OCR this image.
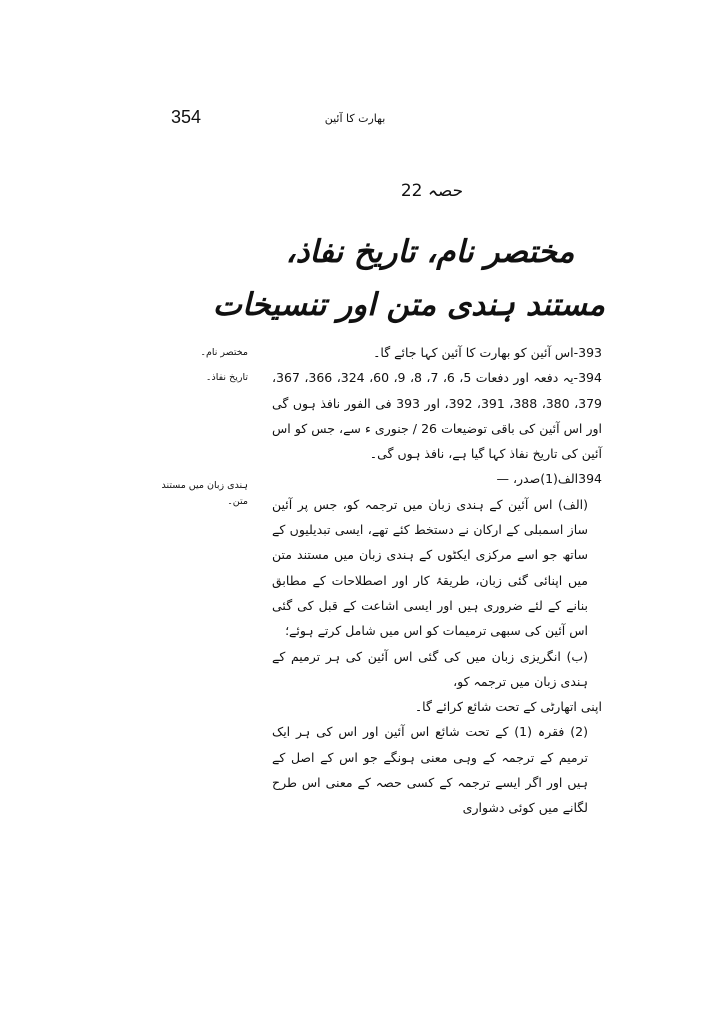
354	بھارت کا آئین
حصہ 22
مختصر نام، تاریخ نفاذ،
مستند ہندی متن اور تنسیخات
مختصر نام۔
تاریخ نفاذ۔
ہندی زبان میں مستند متن۔

393-اس آئین کو بھارت کا آئین کہا جائے گا۔

394-یہ دفعہ اور دفعات 5، 6، 7، 8، 9، 60، 324، 366، 367، 379، 380، 388، 391، 392، اور 393 فی الفور نافذ ہوں گی اور اس آئین کی باقی توضیعات 26 / جنوری ء سے، جس کو اس آئین کی تاریخ نفاذ کہا گیا ہے، نافذ ہوں گی۔

394الف(1)صدر، —

(الف) اس آئین کے ہندی زبان میں ترجمہ کو، جس پر آئین ساز اسمبلی کے ارکان نے دستخط کئے تھے، ایسی تبدیلیوں کے ساتھ جو اسے مرکزی ایکٹوں کے ہندی زبان میں مستند متن میں اپنائی گئی زبان، طریقۂ کار اور اصطلاحات کے مطابق بنانے کے لئے ضروری ہیں اور ایسی اشاعت کے قبل کی گئی اس آئین کی سبھی ترمیمات کو اس میں شامل کرتے ہوئے؛

(ب) انگریزی زبان میں کی گئی اس آئین کی ہر ترمیم کے ہندی زبان میں ترجمہ کو،

اپنی اتھارٹی کے تحت شائع کرائے گا۔

(2) فقرہ (1) کے تحت شائع اس آئین اور اس کی ہر ایک ترمیم کے ترجمہ کے وہی معنی ہونگے جو اس کے اصل کے ہیں اور اگر ایسے ترجمہ کے کسی حصہ کے معنی اس طرح لگانے میں کوئی دشواری
